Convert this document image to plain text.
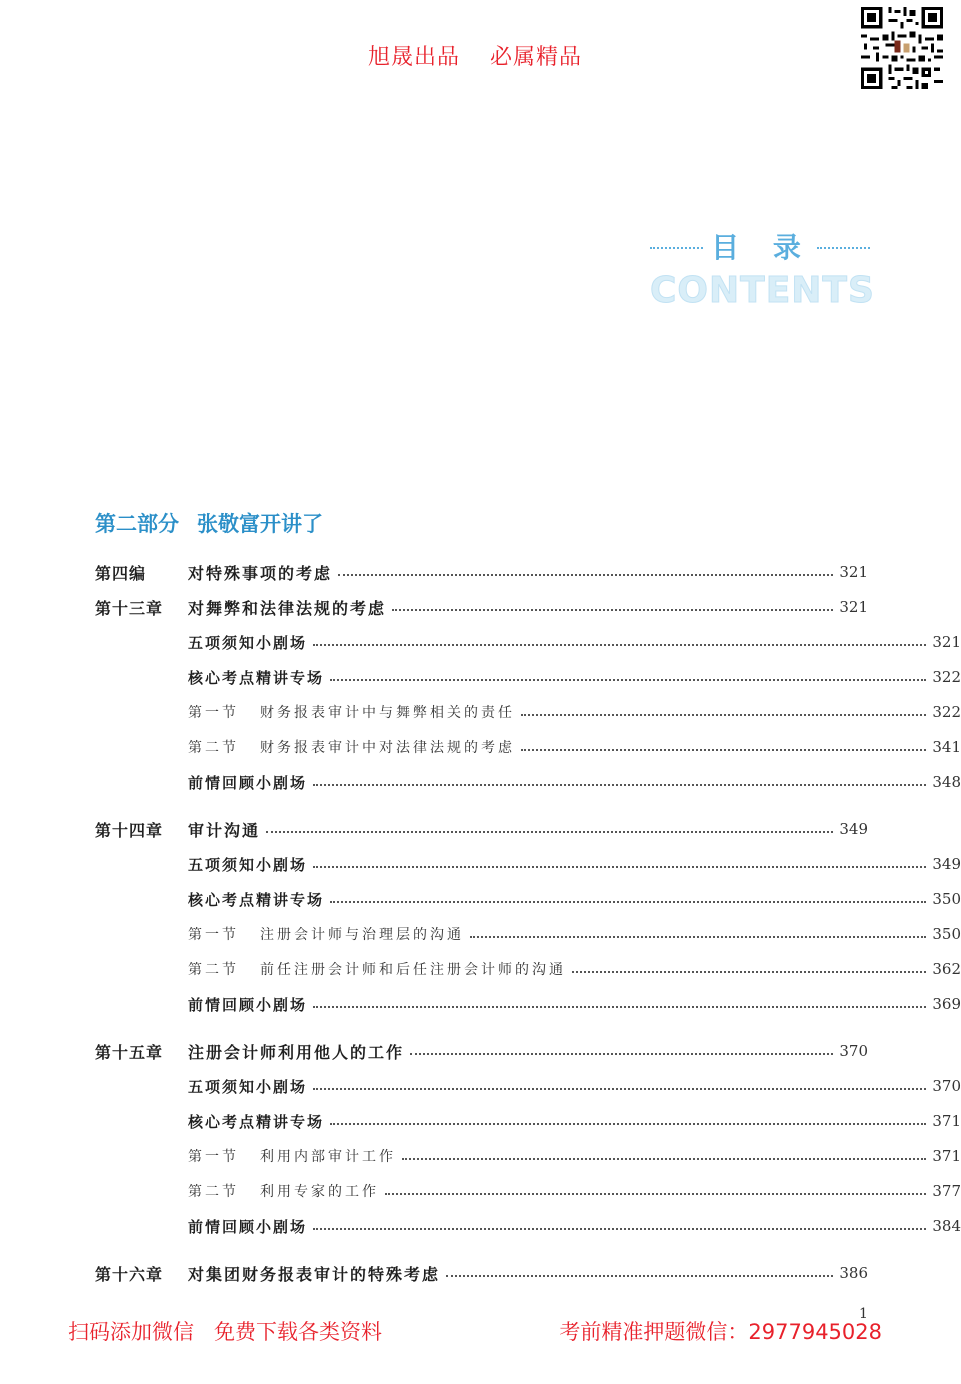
旭晟出品 必属精品
目 录
CONTENTS
第二部分 张敬富开讲了
第四编	对特殊事项的考虑	321
第十三章	对舞弊和法律法规的考虑	321
五项须知小剧场	321
核心考点精讲专场	322
第一节	财务报表审计中与舞弊相关的责任	322
第二节	财务报表审计中对法律法规的考虑	341
前情回顾小剧场	348
第十四章	审计沟通	349
五项须知小剧场	349
核心考点精讲专场	350
第一节	注册会计师与治理层的沟通	350
第二节	前任注册会计师和后任注册会计师的沟通	362
前情回顾小剧场	369
第十五章	注册会计师利用他人的工作	370
五项须知小剧场	370
核心考点精讲专场	371
第一节	利用内部审计工作	371
第二节	利用专家的工作	377
前情回顾小剧场	384
第十六章	对集团财务报表审计的特殊考虑	386
扫码添加微信 免费下载各类资料	考前精准押题微信：2977945028
1
